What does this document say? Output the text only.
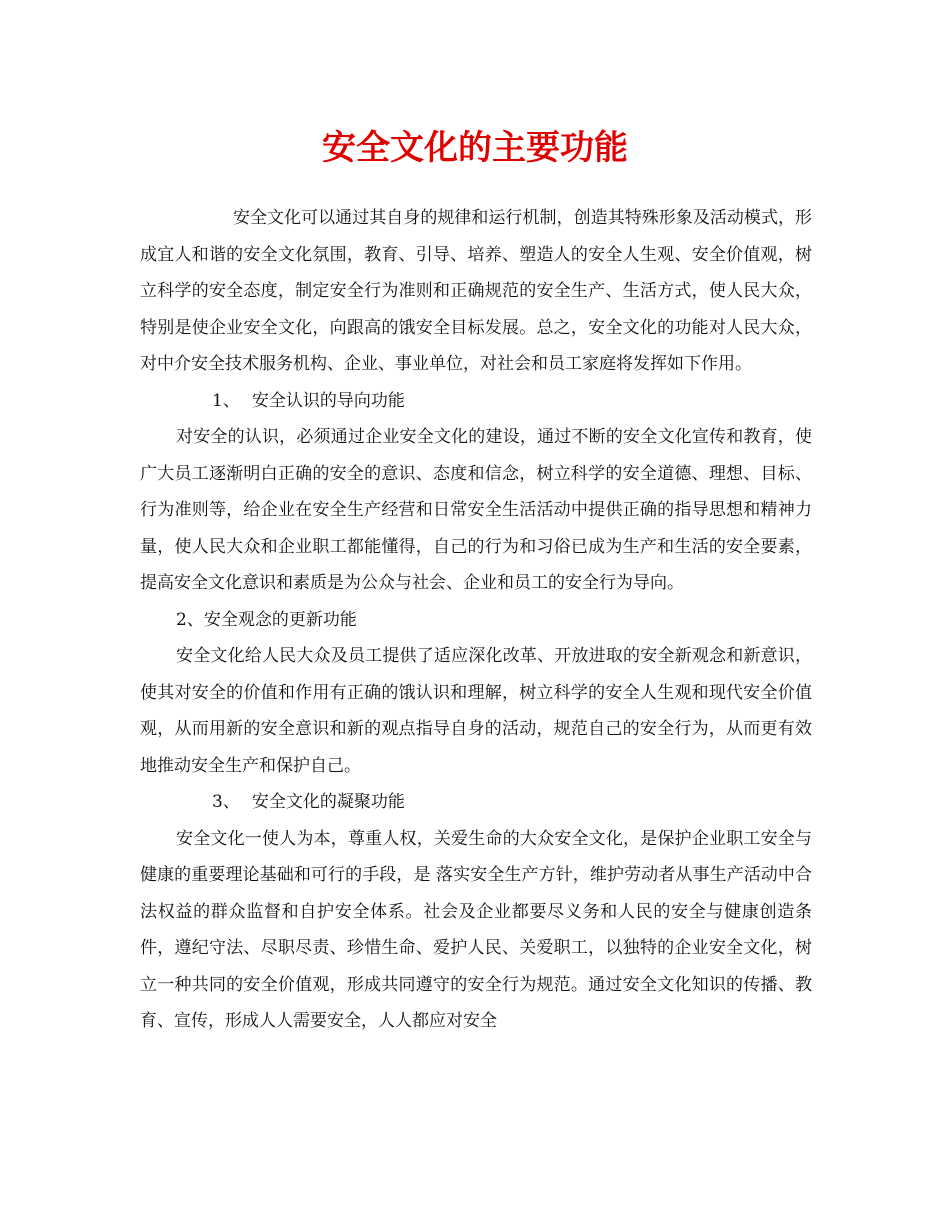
安全文化的主要功能

安全文化可以通过其自身的规律和运行机制，创造其特殊形象及活动模式，形成宜人和谐的安全文化氛围，教育、引导、培养、塑造人的安全人生观、安全价值观，树立科学的安全态度，制定安全行为准则和正确规范的安全生产、生活方式，使人民大众，特别是使企业安全文化，向跟高的饿安全目标发展。总之，安全文化的功能对人民大众，对中介安全技术服务机构、企业、事业单位，对社会和员工家庭将发挥如下作用。

1、 安全认识的导向功能

对安全的认识，必须通过企业安全文化的建设，通过不断的安全文化宣传和教育，使广大员工逐渐明白正确的安全的意识、态度和信念，树立科学的安全道德、理想、目标、行为准则等，给企业在安全生产经营和日常安全生活活动中提供正确的指导思想和精神力量，使人民大众和企业职工都能懂得，自己的行为和习俗已成为生产和生活的安全要素，提高安全文化意识和素质是为公众与社会、企业和员工的安全行为导向。

2、安全观念的更新功能

安全文化给人民大众及员工提供了适应深化改革、开放进取的安全新观念和新意识，使其对安全的价值和作用有正确的饿认识和理解，树立科学的安全人生观和现代安全价值观，从而用新的安全意识和新的观点指导自身的活动，规范自己的安全行为，从而更有效地推动安全生产和保护自己。

3、 安全文化的凝聚功能

安全文化一使人为本，尊重人权，关爱生命的大众安全文化，是保护企业职工安全与健康的重要理论基础和可行的手段，是 落实安全生产方针，维护劳动者从事生产活动中合法权益的群众监督和自护安全体系。社会及企业都要尽义务和人民的安全与健康创造条件，遵纪守法、尽职尽责、珍惜生命、爱护人民、关爱职工，以独特的企业安全文化，树立一种共同的安全价值观，形成共同遵守的安全行为规范。通过安全文化知识的传播、教育、宣传，形成人人需要安全，人人都应对安全
